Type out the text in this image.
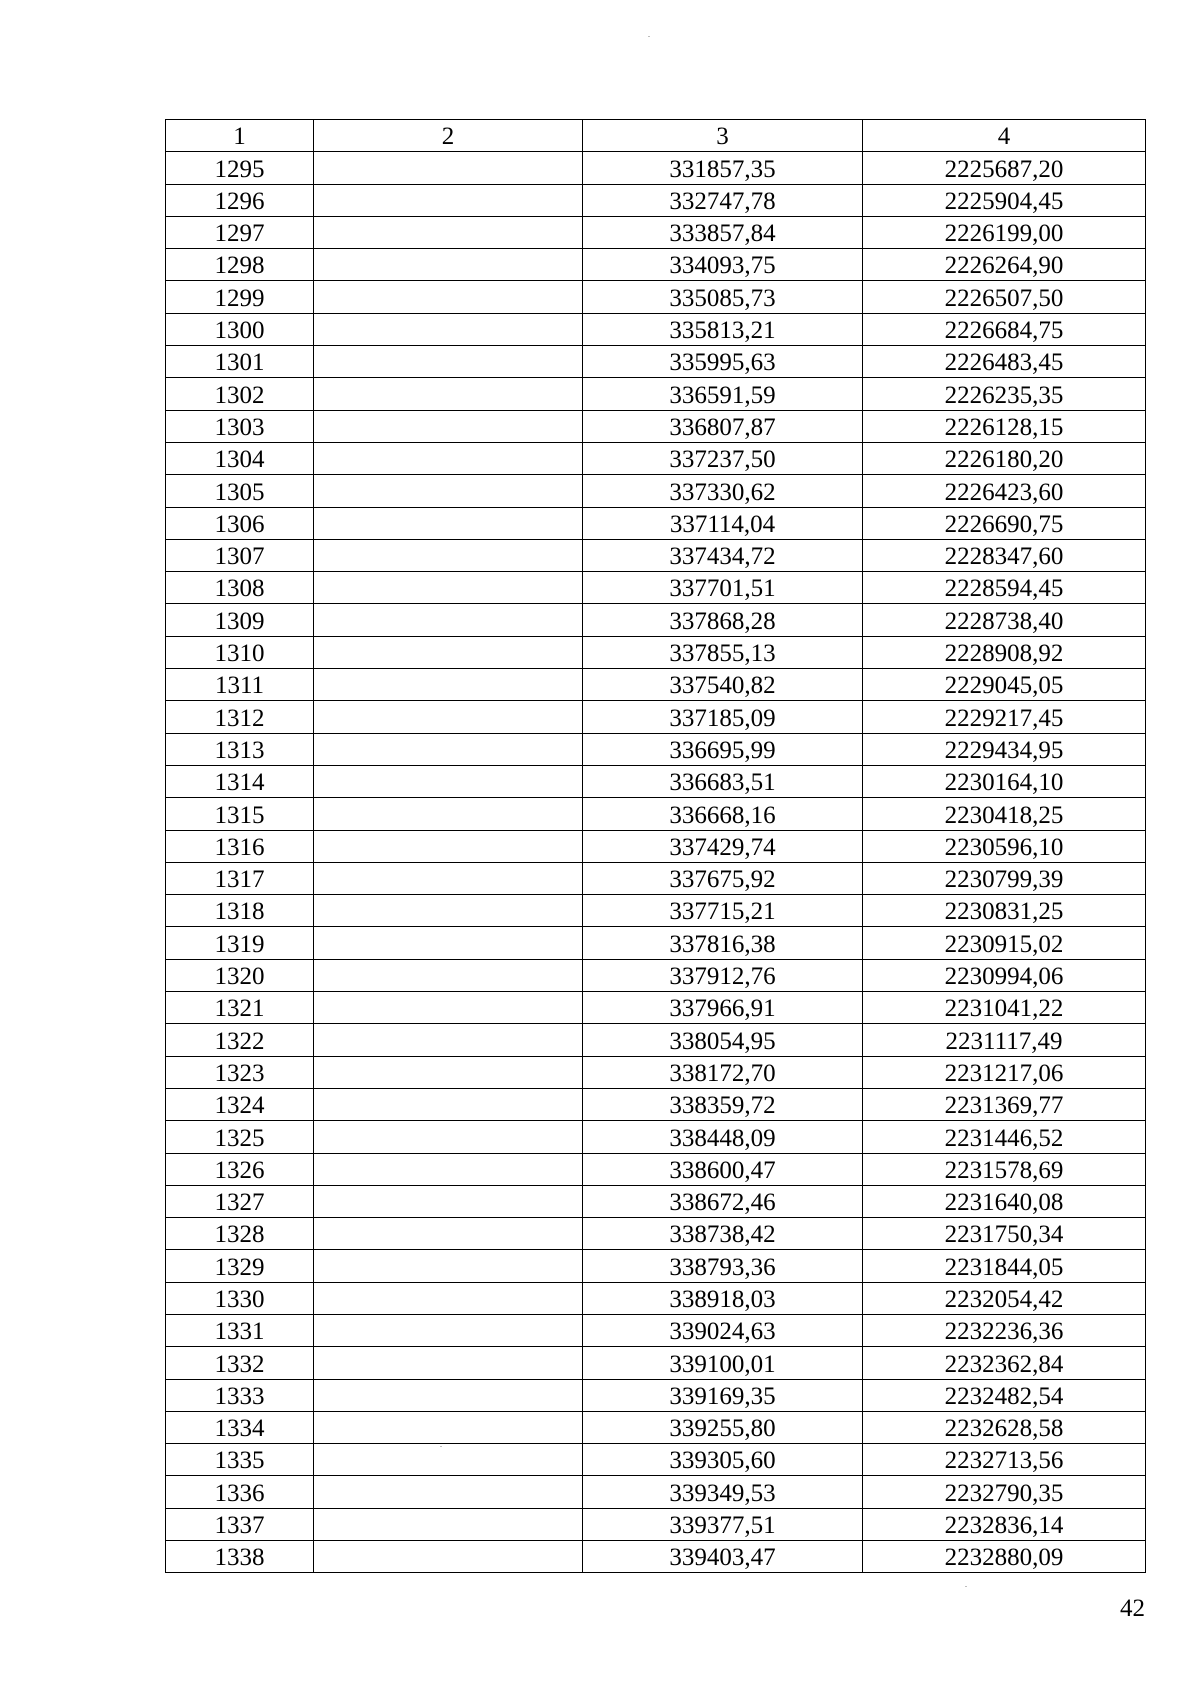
1	2	3	4
1295		331857,35	2225687,20
1296		332747,78	2225904,45
1297		333857,84	2226199,00
1298		334093,75	2226264,90
1299		335085,73	2226507,50
1300		335813,21	2226684,75
1301		335995,63	2226483,45
1302		336591,59	2226235,35
1303		336807,87	2226128,15
1304		337237,50	2226180,20
1305		337330,62	2226423,60
1306		337114,04	2226690,75
1307		337434,72	2228347,60
1308		337701,51	2228594,45
1309		337868,28	2228738,40
1310		337855,13	2228908,92
1311		337540,82	2229045,05
1312		337185,09	2229217,45
1313		336695,99	2229434,95
1314		336683,51	2230164,10
1315		336668,16	2230418,25
1316		337429,74	2230596,10
1317		337675,92	2230799,39
1318		337715,21	2230831,25
1319		337816,38	2230915,02
1320		337912,76	2230994,06
1321		337966,91	2231041,22
1322		338054,95	2231117,49
1323		338172,70	2231217,06
1324		338359,72	2231369,77
1325		338448,09	2231446,52
1326		338600,47	2231578,69
1327		338672,46	2231640,08
1328		338738,42	2231750,34
1329		338793,36	2231844,05
1330		338918,03	2232054,42
1331		339024,63	2232236,36
1332		339100,01	2232362,84
1333		339169,35	2232482,54
1334		339255,80	2232628,58
1335		339305,60	2232713,56
1336		339349,53	2232790,35
1337		339377,51	2232836,14
1338		339403,47	2232880,09
42
